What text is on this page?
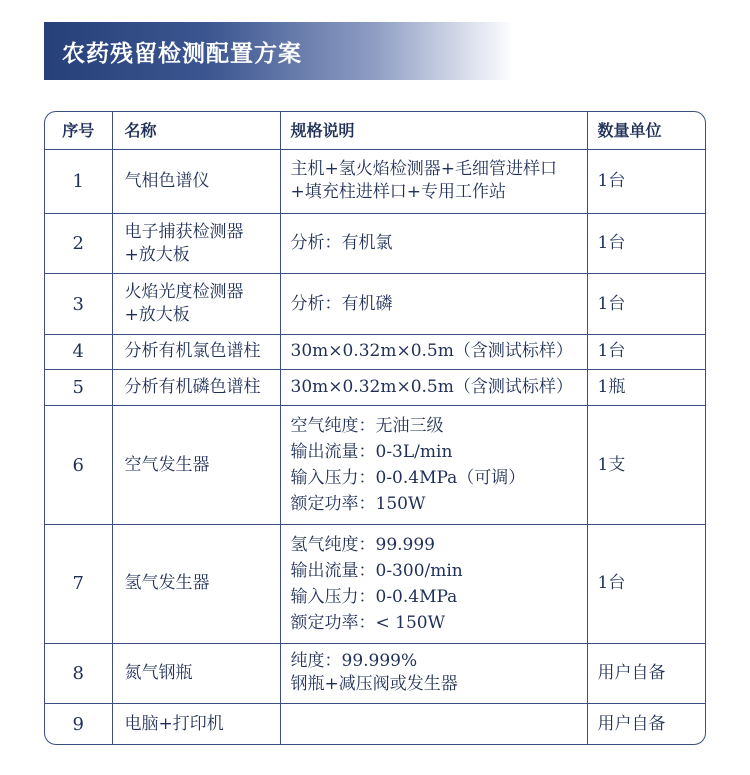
农药残留检测配置方案
序号	名称	规格说明	数量单位
1	气相色谱仪	主机+氢火焰检测器+毛细管进样口
+填充柱进样口+专用工作站	1台
2	电子捕获检测器
+放大板	分析：有机氯	1台
3	火焰光度检测器
+放大板	分析：有机磷	1台
4	分析有机氯色谱柱	30m×0.32m×0.5m（含测试标样）	1台
5	分析有机磷色谱柱	30m×0.32m×0.5m（含测试标样）	1瓶
6	空气发生器	空气纯度：无油三级
输出流量：0-3L/min
输入压力：0-0.4MPa（可调）
额定功率：150W	1支
7	氢气发生器	氢气纯度：99.999
输出流量：0-300/min
输入压力：0-0.4MPa
额定功率：< 150W	1台
8	氮气钢瓶	纯度：99.999%
钢瓶+减压阀或发生器	用户自备
9	电脑+打印机		用户自备
